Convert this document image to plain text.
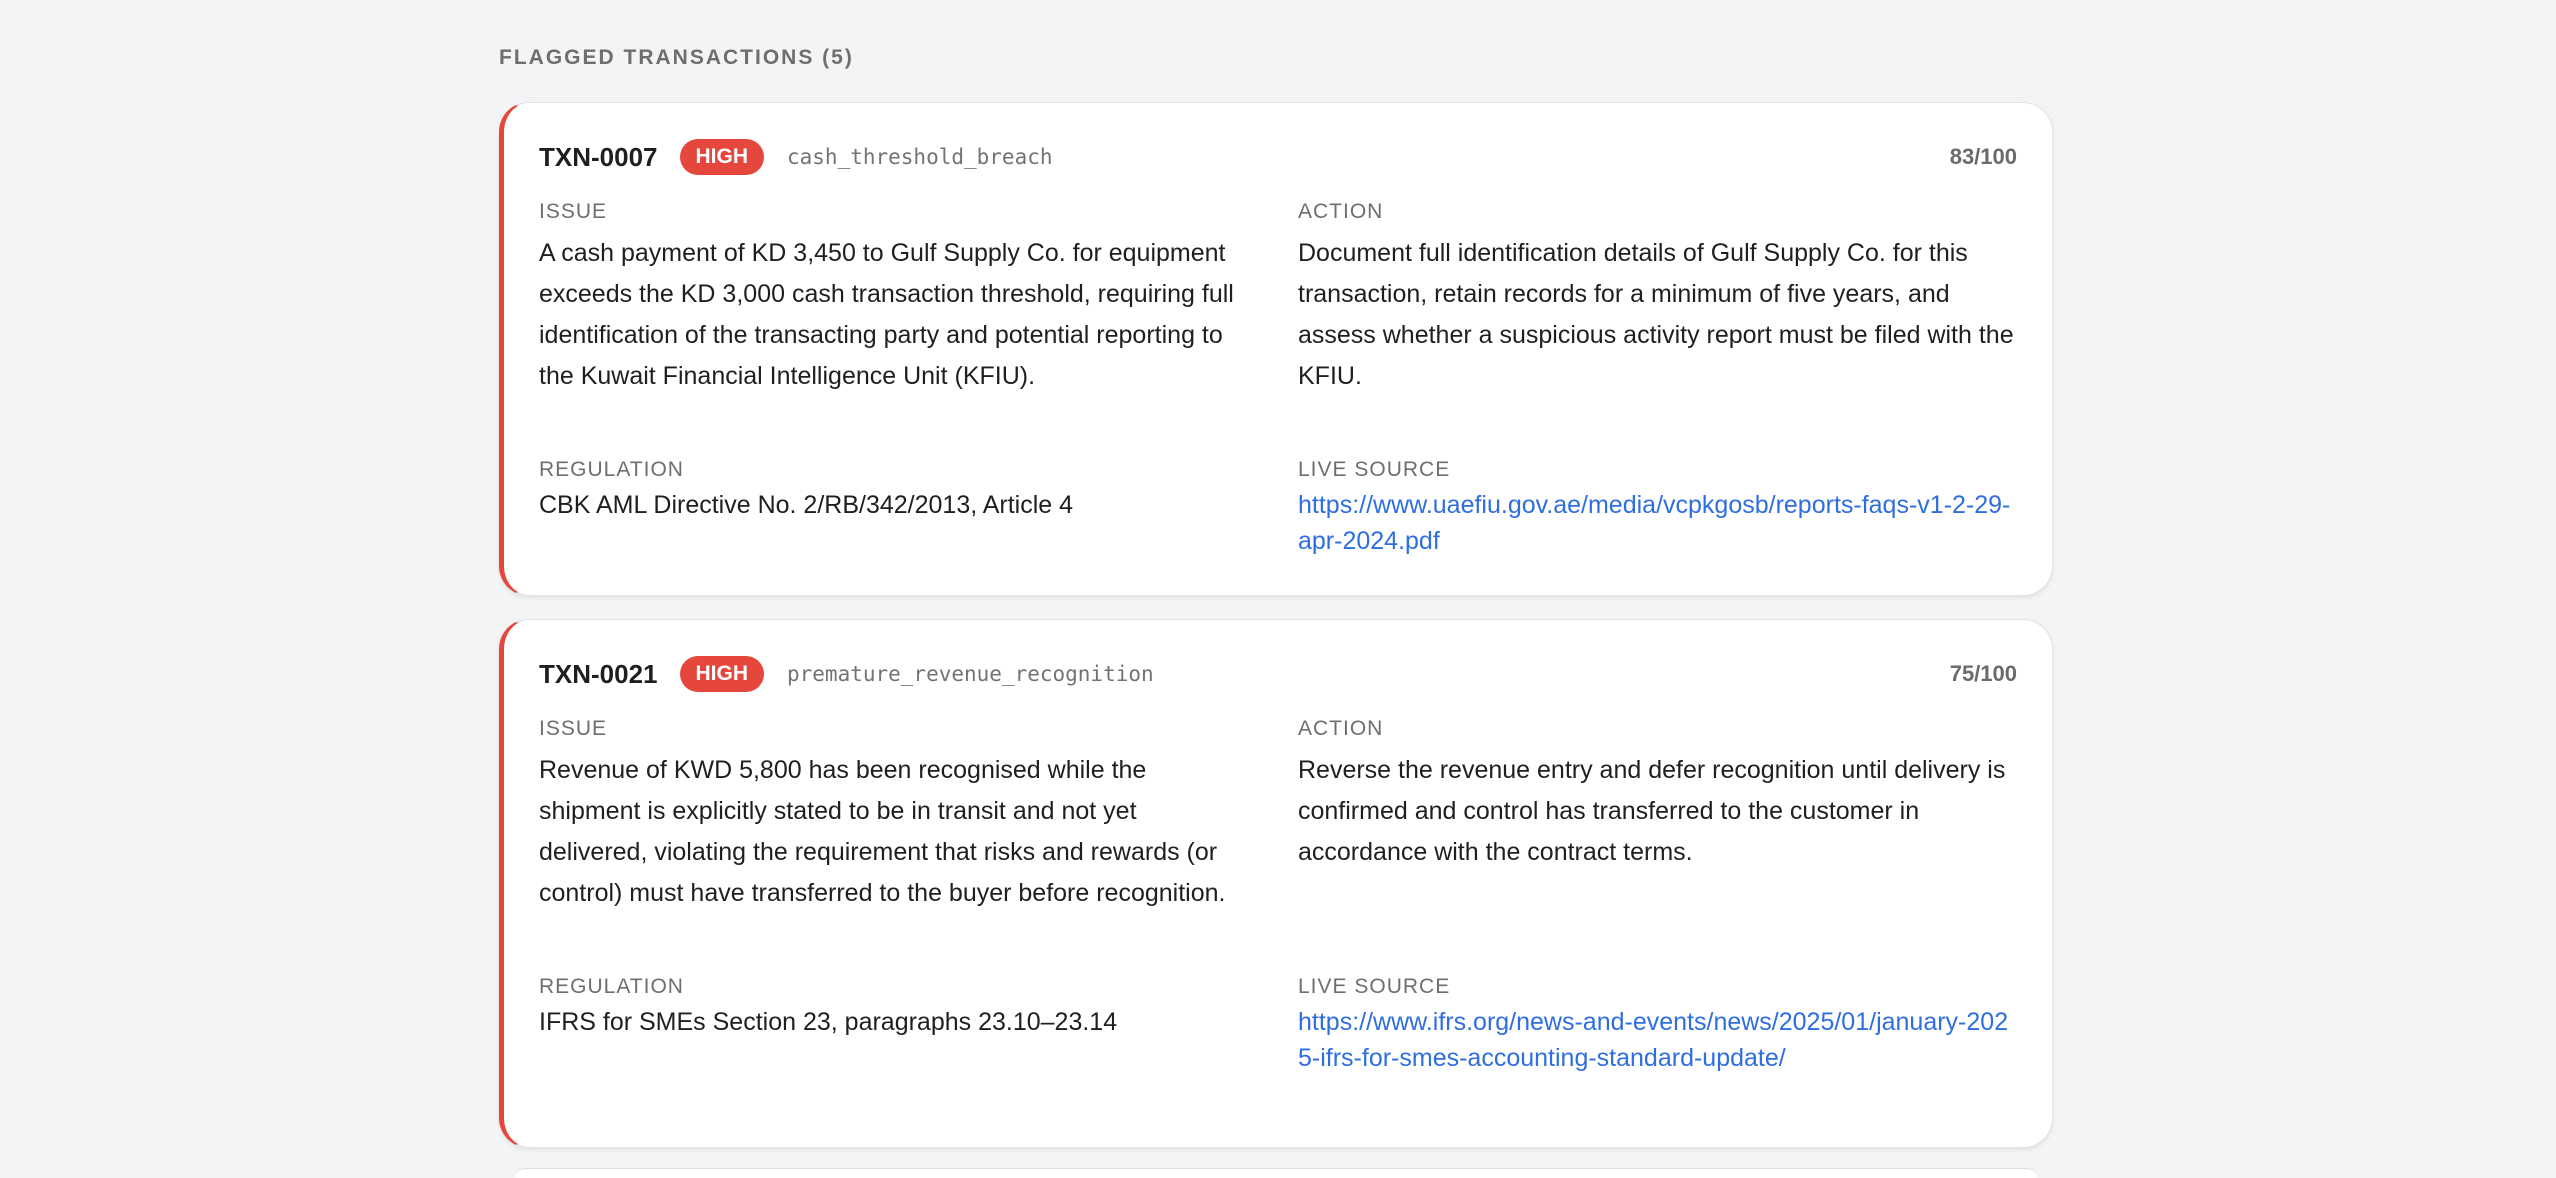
FLAGGED TRANSACTIONS (5)
TXN-0007	HIGH	cash_threshold_breach	83/100
ISSUE
A cash payment of KD 3,450 to Gulf Supply Co. for equipment exceeds the KD 3,000 cash transaction threshold, requiring full identification of the transacting party and potential reporting to the Kuwait Financial Intelligence Unit (KFIU).
ACTION
Document full identification details of Gulf Supply Co. for this transaction, retain records for a minimum of five years, and assess whether a suspicious activity report must be filed with the KFIU.
REGULATION
CBK AML Directive No. 2/RB/342/2013, Article 4
LIVE SOURCE
https://www.uaefiu.gov.ae/media/vcpkgosb/reports-faqs-v1-2-29-apr-2024.pdf
TXN-0021	HIGH	premature_revenue_recognition	75/100
ISSUE
Revenue of KWD 5,800 has been recognised while the shipment is explicitly stated to be in transit and not yet delivered, violating the requirement that risks and rewards (or control) must have transferred to the buyer before recognition.
ACTION
Reverse the revenue entry and defer recognition until delivery is confirmed and control has transferred to the customer in accordance with the contract terms.
REGULATION
IFRS for SMEs Section 23, paragraphs 23.10–23.14
LIVE SOURCE
https://www.ifrs.org/news-and-events/news/2025/01/january-2025-ifrs-for-smes-accounting-standard-update/
